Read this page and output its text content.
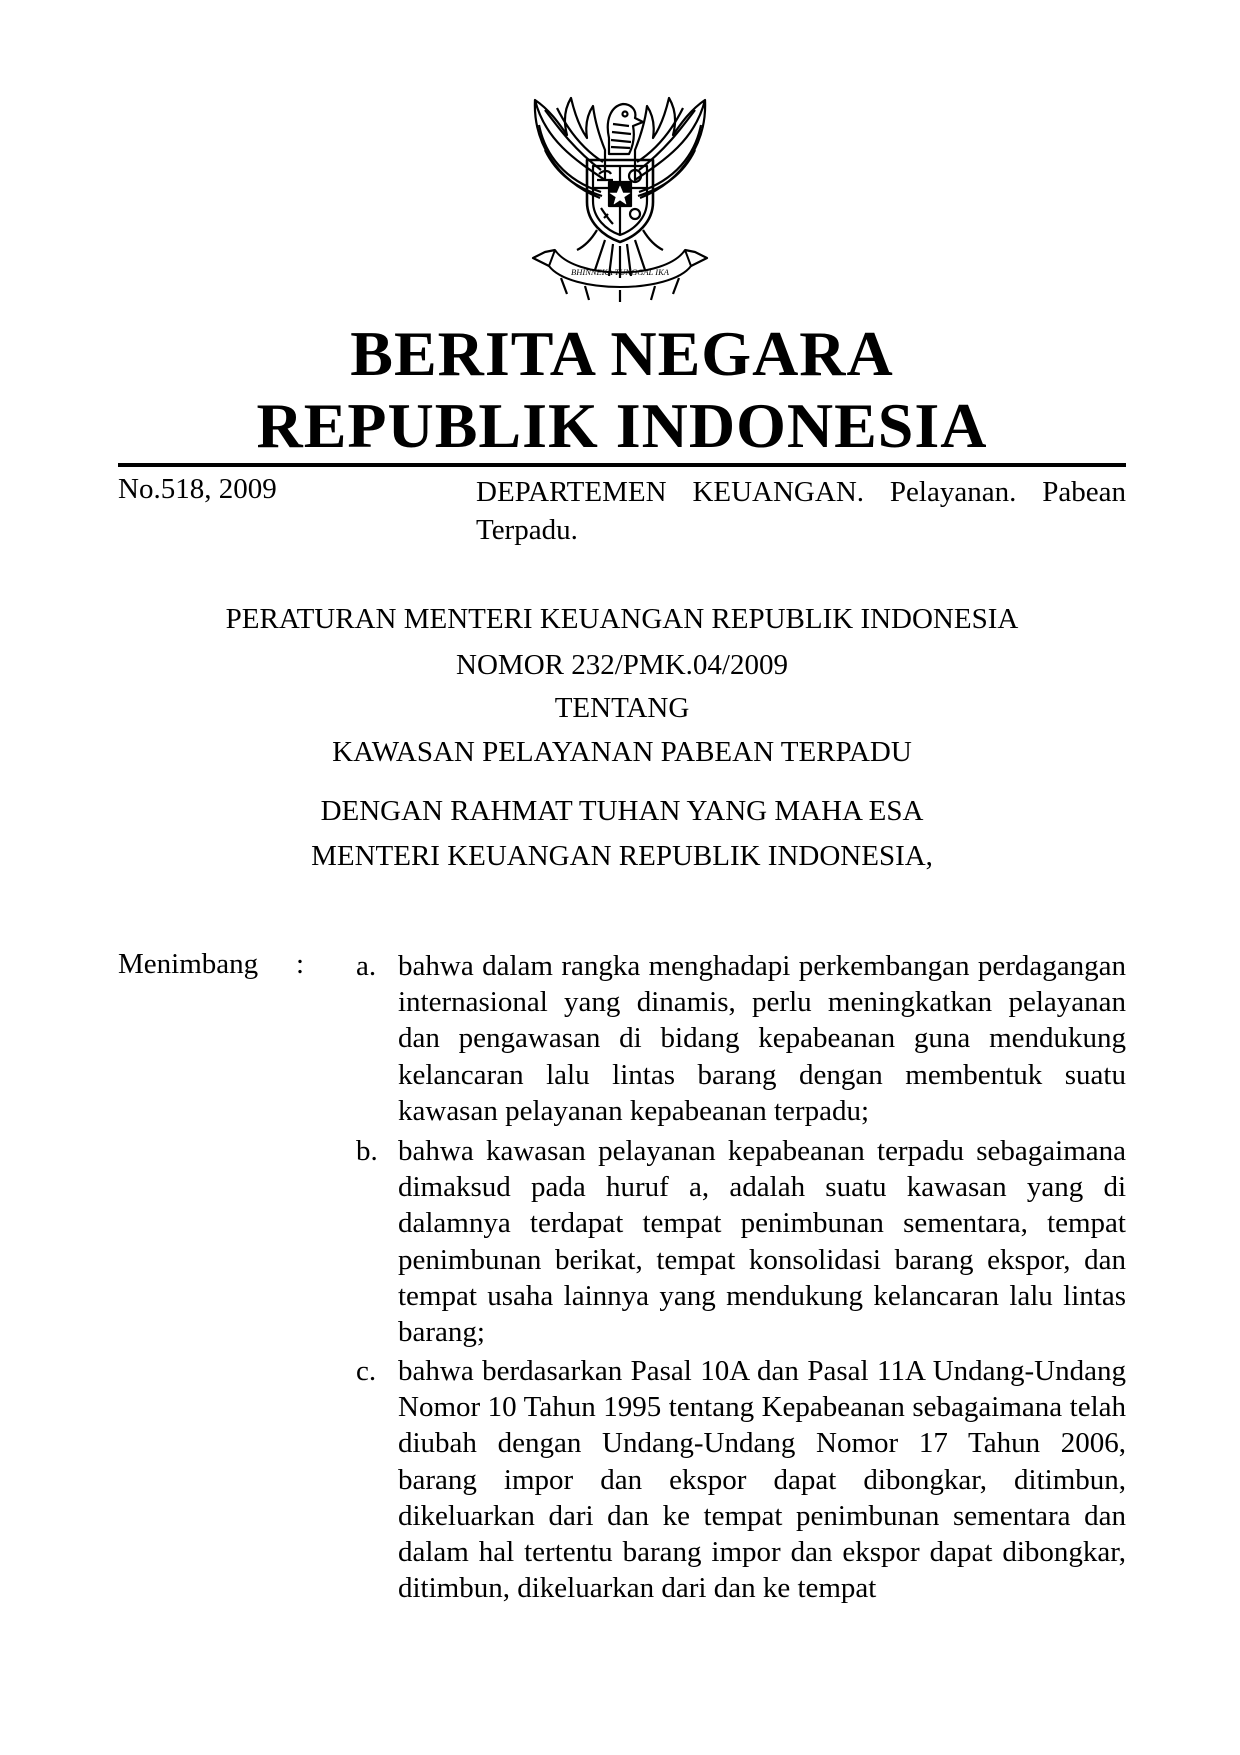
BHINNEKA TUNGGAL IKA
BERITA NEGARA
REPUBLIK INDONESIA
No.518, 2009	DEPARTEMEN KEUANGAN. Pelayanan. Pabean Terpadu.
PERATURAN MENTERI KEUANGAN REPUBLIK INDONESIA
NOMOR 232/PMK.04/2009
TENTANG
KAWASAN PELAYANAN PABEAN TERPADU
DENGAN RAHMAT TUHAN YANG MAHA ESA
MENTERI KEUANGAN REPUBLIK INDONESIA,
Menimbang : a. bahwa dalam rangka menghadapi perkembangan perdagangan internasional yang dinamis, perlu meningkatkan pelayanan dan pengawasan di bidang kepabeanan guna mendukung kelancaran lalu lintas barang dengan membentuk suatu kawasan pelayanan kepabeanan terpadu;
b. bahwa kawasan pelayanan kepabeanan terpadu sebagaimana dimaksud pada huruf a, adalah suatu kawasan yang di dalamnya terdapat tempat penimbunan sementara, tempat penimbunan berikat, tempat konsolidasi barang ekspor, dan tempat usaha lainnya yang mendukung kelancaran lalu lintas barang;
c. bahwa berdasarkan Pasal 10A dan Pasal 11A Undang-Undang Nomor 10 Tahun 1995 tentang Kepabeanan sebagaimana telah diubah dengan Undang-Undang Nomor 17 Tahun 2006, barang impor dan ekspor dapat dibongkar, ditimbun, dikeluarkan dari dan ke tempat penimbunan sementara dan dalam hal tertentu barang impor dan ekspor dapat dibongkar, ditimbun, dikeluarkan dari dan ke tempat
